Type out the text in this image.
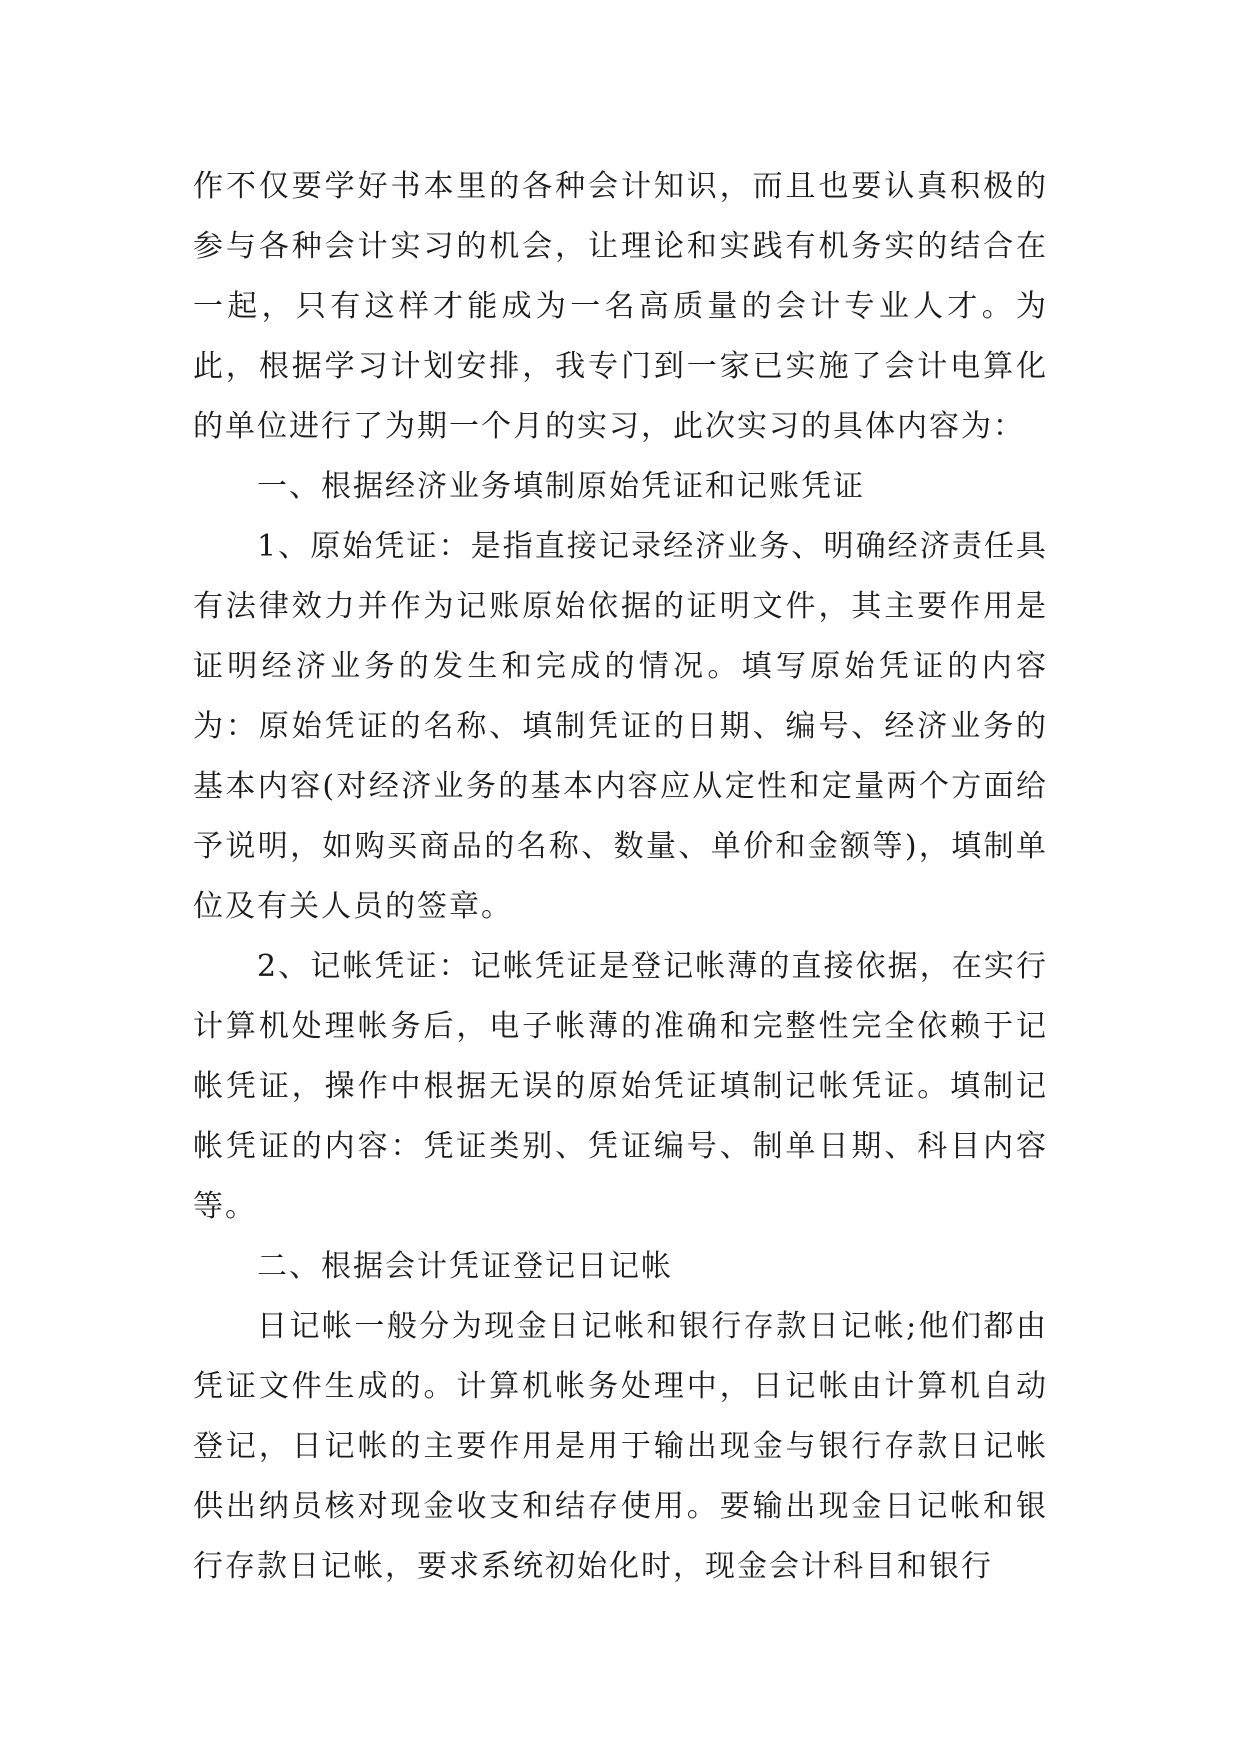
作不仅要学好书本里的各种会计知识，而且也要认真积极的参与各种会计实习的机会，让理论和实践有机务实的结合在一起，只有这样才能成为一名高质量的会计专业人才。为此，根据学习计划安排，我专门到一家已实施了会计电算化的单位进行了为期一个月的实习，此次实习的具体内容为：

一、根据经济业务填制原始凭证和记账凭证

1、原始凭证：是指直接记录经济业务、明确经济责任具有法律效力并作为记账原始依据的证明文件，其主要作用是证明经济业务的发生和完成的情况。填写原始凭证的内容为：原始凭证的名称、填制凭证的日期、编号、经济业务的基本内容(对经济业务的基本内容应从定性和定量两个方面给予说明，如购买商品的名称、数量、单价和金额等)，填制单位及有关人员的签章。

2、记帐凭证：记帐凭证是登记帐薄的直接依据，在实行计算机处理帐务后，电子帐薄的准确和完整性完全依赖于记帐凭证，操作中根据无误的原始凭证填制记帐凭证。填制记帐凭证的内容：凭证类别、凭证编号、制单日期、科目内容等。

二、根据会计凭证登记日记帐

日记帐一般分为现金日记帐和银行存款日记帐;他们都由凭证文件生成的。计算机帐务处理中，日记帐由计算机自动登记，日记帐的主要作用是用于输出现金与银行存款日记帐供出纳员核对现金收支和结存使用。要输出现金日记帐和银行存款日记帐，要求系统初始化时，现金会计科目和银行
